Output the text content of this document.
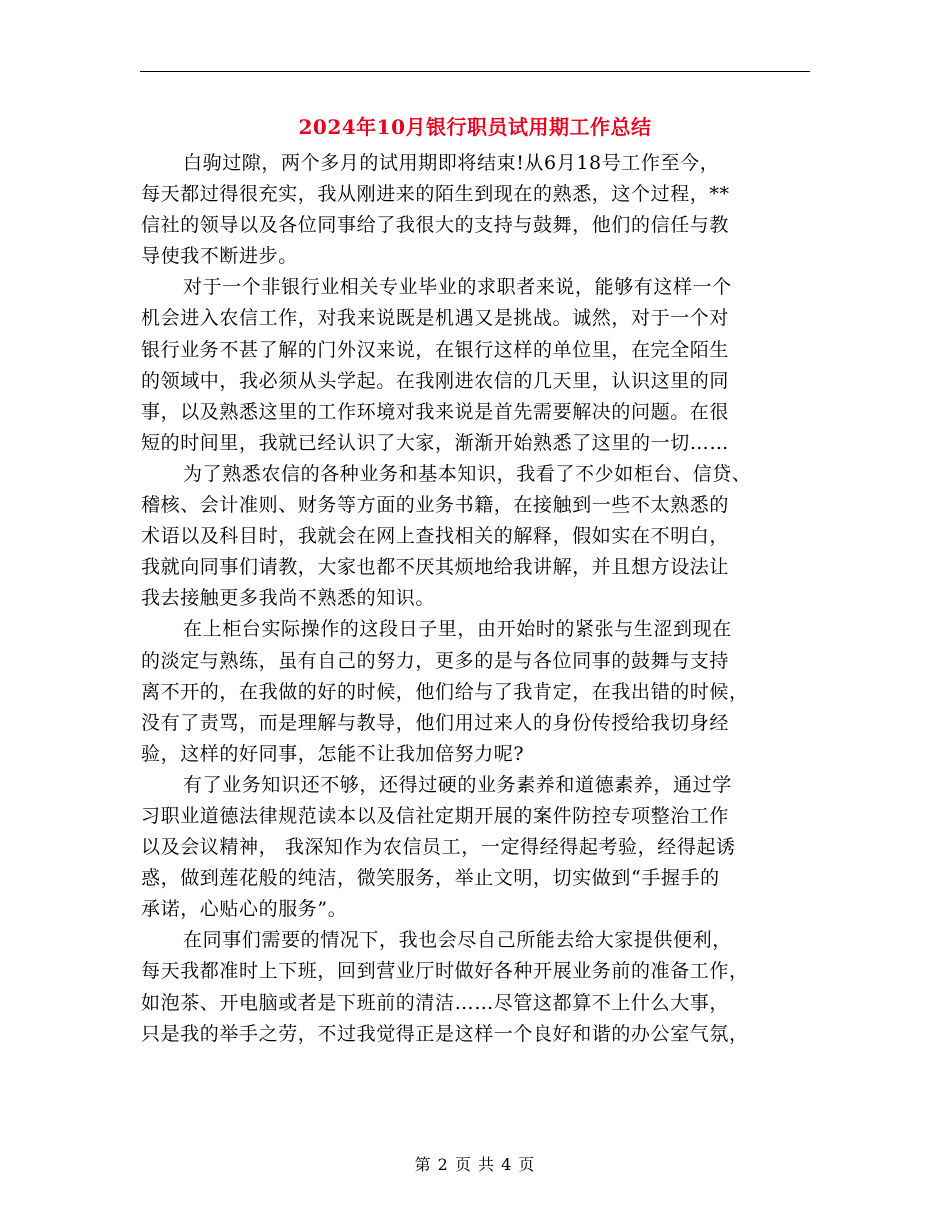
2024年10月银行职员试用期工作总结
白驹过隙，两个多月的试用期即将结束!从6月18号工作至今，
每天都过得很充实，我从刚进来的陌生到现在的熟悉，这个过程，**
信社的领导以及各位同事给了我很大的支持与鼓舞，他们的信任与教
导使我不断进步。
对于一个非银行业相关专业毕业的求职者来说，能够有这样一个
机会进入农信工作，对我来说既是机遇又是挑战。诚然，对于一个对
银行业务不甚了解的门外汉来说，在银行这样的单位里，在完全陌生
的领域中，我必须从头学起。在我刚进农信的几天里，认识这里的同
事，以及熟悉这里的工作环境对我来说是首先需要解决的问题。在很
短的时间里，我就已经认识了大家，渐渐开始熟悉了这里的一切……
为了熟悉农信的各种业务和基本知识，我看了不少如柜台、信贷、
稽核、会计准则、财务等方面的业务书籍，在接触到一些不太熟悉的
术语以及科目时，我就会在网上查找相关的解释，假如实在不明白，
我就向同事们请教，大家也都不厌其烦地给我讲解，并且想方设法让
我去接触更多我尚不熟悉的知识。
在上柜台实际操作的这段日子里，由开始时的紧张与生涩到现在
的淡定与熟练，虽有自己的努力，更多的是与各位同事的鼓舞与支持
离不开的，在我做的好的时候，他们给与了我肯定，在我出错的时候，
没有了责骂，而是理解与教导，他们用过来人的身份传授给我切身经
验，这样的好同事，怎能不让我加倍努力呢?
有了业务知识还不够，还得过硬的业务素养和道德素养，通过学
习职业道德法律规范读本以及信社定期开展的案件防控专项整治工作
以及会议精神， 我深知作为农信员工，一定得经得起考验，经得起诱
惑，做到莲花般的纯洁，微笑服务，举止文明，切实做到“手握手的
承诺，心贴心的服务”。
在同事们需要的情况下，我也会尽自己所能去给大家提供便利，
每天我都准时上下班，回到营业厅时做好各种开展业务前的准备工作，
如泡茶、开电脑或者是下班前的清洁……尽管这都算不上什么大事，
只是我的举手之劳，不过我觉得正是这样一个良好和谐的办公室气氛，
第 2 页 共 4 页
